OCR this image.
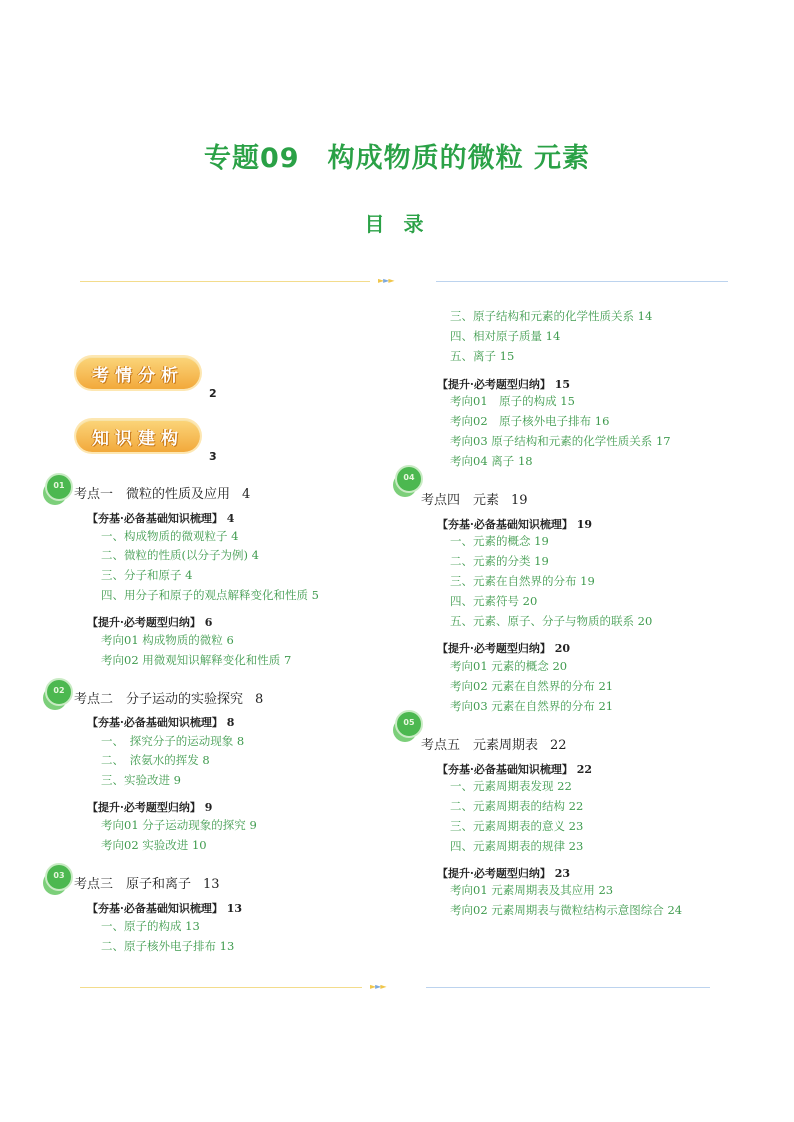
专题09　构成物质的微粒 元素
目 录
►►►
►►►
考情分析
2
知识建构
3
01
考点一　微粒的性质及应用 4
【夯基·必备基础知识梳理】 4
一、构成物质的微观粒子 4
二、微粒的性质(以分子为例) 4
三、分子和原子 4
四、用分子和原子的观点解释变化和性质 5
【提升·必考题型归纳】 6
考向01 构成物质的微粒 6
考向02 用微观知识解释变化和性质 7
02
考点二　分子运动的实验探究 8
【夯基·必备基础知识梳理】 8
一、　探究分子的运动现象 8
二、　浓氨水的挥发 8
三、实验改进 9
【提升·必考题型归纳】 9
考向01 分子运动现象的探究 9
考向02 实验改进 10
03
考点三　原子和离子 13
【夯基·必备基础知识梳理】 13
一、原子的构成 13
二、原子核外电子排布 13
三、原子结构和元素的化学性质关系 14
四、相对原子质量 14
五、离子 15
【提升·必考题型归纳】 15
考向01　原子的构成 15
考向02　原子核外电子排布 16
考向03 原子结构和元素的化学性质关系 17
考向04 离子 18
04
考点四　元素 19
【夯基·必备基础知识梳理】 19
一、元素的概念 19
二、元素的分类 19
三、元素在自然界的分布 19
四、元素符号 20
五、元素、原子、分子与物质的联系 20
【提升·必考题型归纳】 20
考向01 元素的概念 20
考向02 元素在自然界的分布 21
考向03 元素在自然界的分布 21
05
考点五　元素周期表 22
【夯基·必备基础知识梳理】 22
一、元素周期表发现 22
二、元素周期表的结构 22
三、元素周期表的意义 23
四、元素周期表的规律 23
【提升·必考题型归纳】 23
考向01 元素周期表及其应用 23
考向02 元素周期表与微粒结构示意图综合 24
